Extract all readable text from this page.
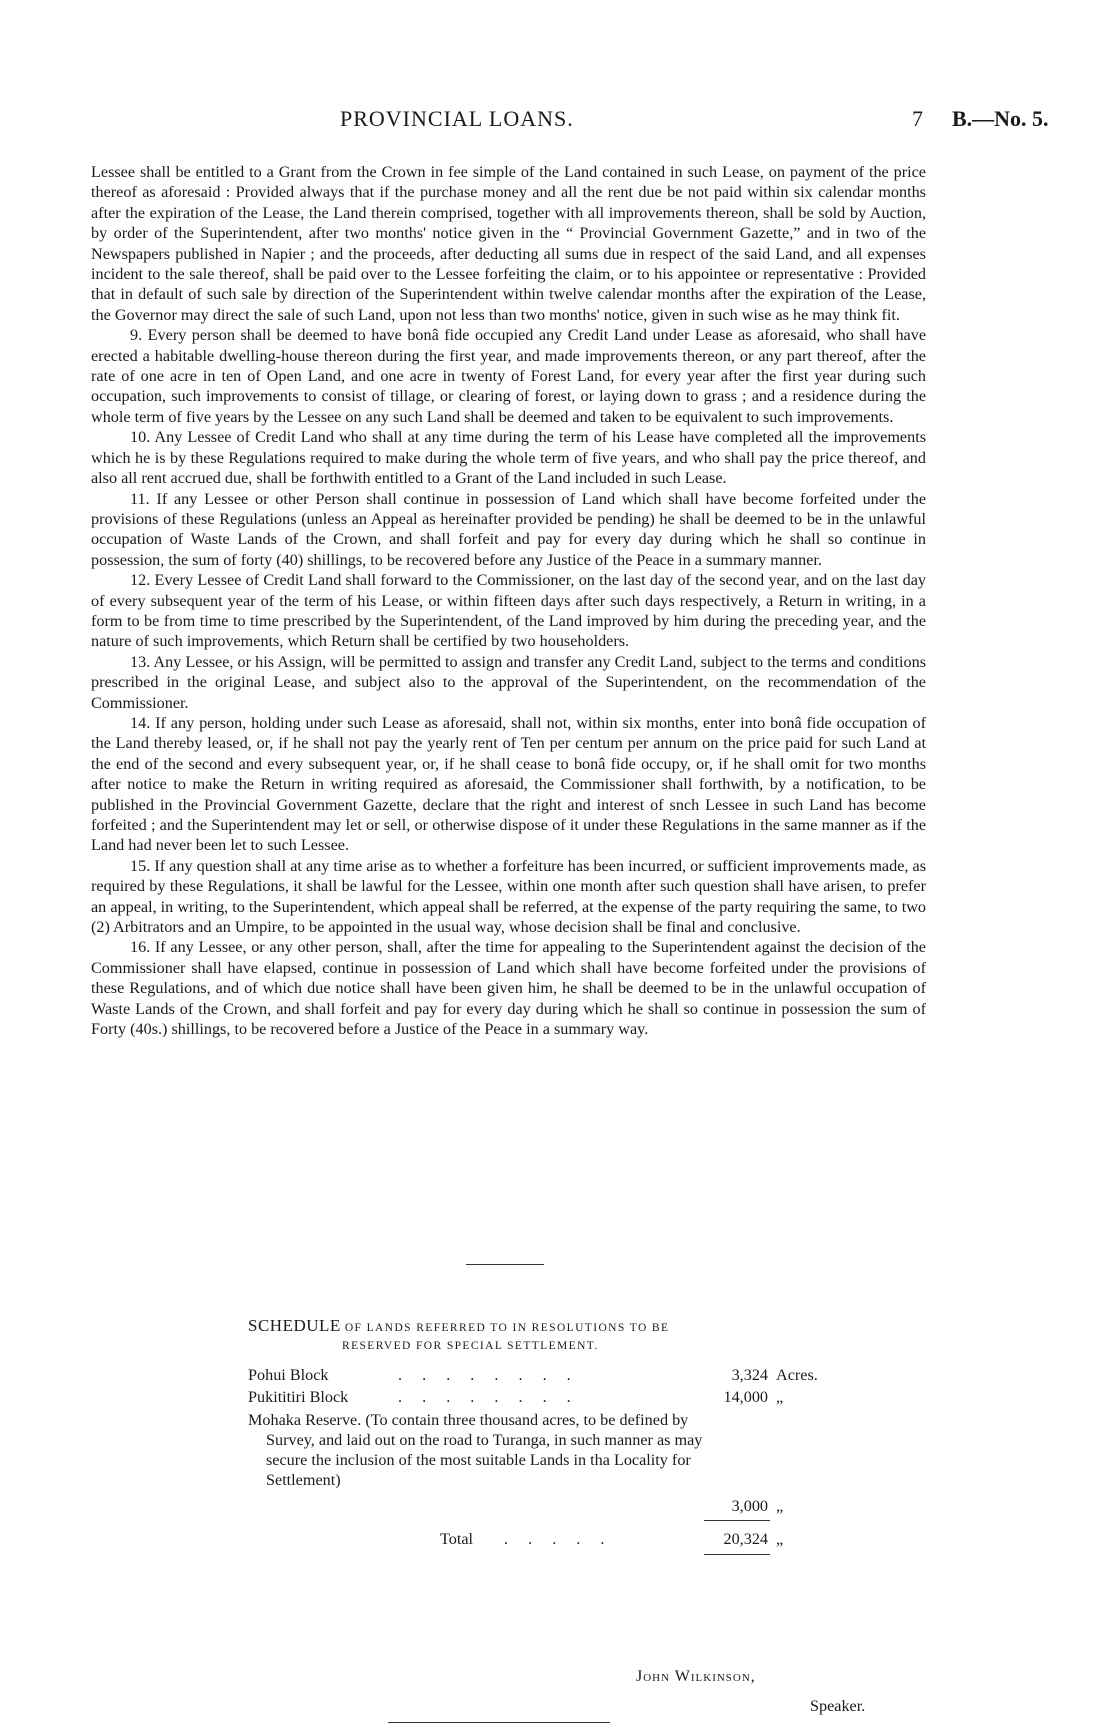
PROVINCIAL LOANS.	7 B.—No. 5.

Lessee shall be entitled to a Grant from the Crown in fee simple of the Land contained in such Lease, on payment of the price thereof as aforesaid : Provided always that if the purchase money and all the rent due be not paid within six calendar months after the expiration of the Lease, the Land therein comprised, together with all improvements thereon, shall be sold by Auction, by order of the Superintendent, after two months' notice given in the “ Provincial Government Gazette,” and in two of the Newspapers published in Napier ; and the proceeds, after deducting all sums due in respect of the said Land, and all expenses incident to the sale thereof, shall be paid over to the Lessee forfeiting the claim, or to his appointee or representative : Provided that in default of such sale by direction of the Superintendent within twelve calendar months after the expiration of the Lease, the Governor may direct the sale of such Land, upon not less than two months' notice, given in such wise as he may think fit.

9. Every person shall be deemed to have bonâ fide occupied any Credit Land under Lease as aforesaid, who shall have erected a habitable dwelling-house thereon during the first year, and made improvements thereon, or any part thereof, after the rate of one acre in ten of Open Land, and one acre in twenty of Forest Land, for every year after the first year during such occupation, such improvements to consist of tillage, or clearing of forest, or laying down to grass ; and a residence during the whole term of five years by the Lessee on any such Land shall be deemed and taken to be equivalent to such improvements.

10. Any Lessee of Credit Land who shall at any time during the term of his Lease have completed all the improvements which he is by these Regulations required to make during the whole term of five years, and who shall pay the price thereof, and also all rent accrued due, shall be forthwith entitled to a Grant of the Land included in such Lease.

11. If any Lessee or other Person shall continue in possession of Land which shall have become forfeited under the provisions of these Regulations (unless an Appeal as hereinafter provided be pending) he shall be deemed to be in the unlawful occupation of Waste Lands of the Crown, and shall forfeit and pay for every day during which he shall so continue in possession, the sum of forty (40) shillings, to be recovered before any Justice of the Peace in a summary manner.

12. Every Lessee of Credit Land shall forward to the Commissioner, on the last day of the second year, and on the last day of every subsequent year of the term of his Lease, or within fifteen days after such days respectively, a Return in writing, in a form to be from time to time prescribed by the Superintendent, of the Land improved by him during the preceding year, and the nature of such improvements, which Return shall be certified by two householders.

13. Any Lessee, or his Assign, will be permitted to assign and transfer any Credit Land, subject to the terms and conditions prescribed in the original Lease, and subject also to the approval of the Superintendent, on the recommendation of the Commissioner.

14. If any person, holding under such Lease as aforesaid, shall not, within six months, enter into bonâ fide occupation of the Land thereby leased, or, if he shall not pay the yearly rent of Ten per centum per annum on the price paid for such Land at the end of the second and every subsequent year, or, if he shall cease to bonâ fide occupy, or, if he shall omit for two months after notice to make the Return in writing required as aforesaid, the Commissioner shall forthwith, by a notification, to be published in the Provincial Government Gazette, declare that the right and interest of snch Lessee in such Land has become forfeited ; and the Superintendent may let or sell, or otherwise dispose of it under these Regulations in the same manner as if the Land had never been let to such Lessee.

15. If any question shall at any time arise as to whether a forfeiture has been incurred, or sufficient improvements made, as required by these Regulations, it shall be lawful for the Lessee, within one month after such question shall have arisen, to prefer an appeal, in writing, to the Superintendent, which appeal shall be referred, at the expense of the party requiring the same, to two (2) Arbitrators and an Umpire, to be appointed in the usual way, whose decision shall be final and conclusive.

16. If any Lessee, or any other person, shall, after the time for appealing to the Superintendent against the decision of the Commissioner shall have elapsed, continue in possession of Land which shall have become forfeited under the provisions of these Regulations, and of which due notice shall have been given him, he shall be deemed to be in the unlawful occupation of Waste Lands of the Crown, and shall forfeit and pay for every day during which he shall so continue in possession the sum of Forty (40s.) shillings, to be recovered before a Justice of the Peace in a summary way.

SCHEDULE OF LANDS REFERRED TO IN RESOLUTIONS TO BE
RESERVED FOR SPECIAL SETTLEMENT.
Pohui Block	. . . . . . . .	3,324 Acres.
Pukititiri Block	. . . . . . . .	14,000 „
Mohaka Reserve. (To contain three thousand acres, to be defined by Survey, and laid out on the road to Turanga, in such manner as may secure the inclusion of the most suitable Lands in tha Locality for Settlement)
3,000 „
Total . . . . .	20,324 „
John Wilkinson,
Speaker.
